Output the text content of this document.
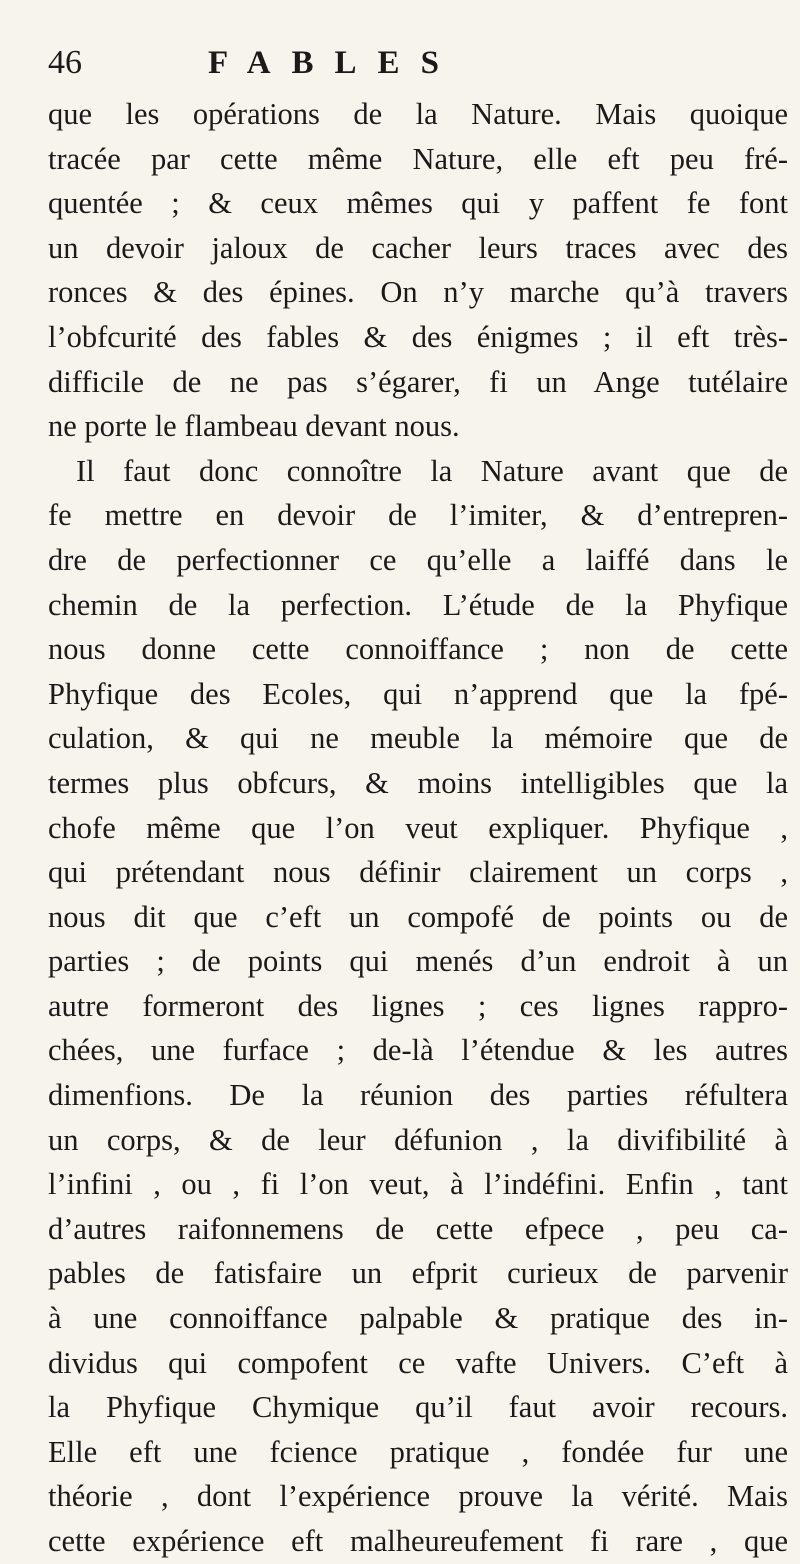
46	FABLES
que les opérations de la Nature. Mais quoique
tracée par cette même Nature, elle eft peu fré-
quentée ; & ceux mêmes qui y paffent fe font
un devoir jaloux de cacher leurs traces avec des
ronces & des épines. On n’y marche qu’à travers
l’obfcurité des fables & des énigmes ; il eft très-
difficile de ne pas s’égarer, fi un Ange tutélaire
ne porte le flambeau devant nous.
Il faut donc connoître la Nature avant que de
fe mettre en devoir de l’imiter, & d’entrepren-
dre de perfectionner ce qu’elle a laiffé dans le
chemin de la perfection. L’étude de la Phyfique
nous donne cette connoiffance ; non de cette
Phyfique des Ecoles, qui n’apprend que la fpé-
culation, & qui ne meuble la mémoire que de
termes plus obfcurs, & moins intelligibles que la
chofe même que l’on veut expliquer. Phyfique ,
qui prétendant nous définir clairement un corps ,
nous dit que c’eft un compofé de points ou de
parties ; de points qui menés d’un endroit à un
autre formeront des lignes ; ces lignes rappro-
chées, une furface ; de-là l’étendue & les autres
dimenfions. De la réunion des parties réfultera
un corps, & de leur défunion , la divifibilité à
l’infini , ou , fi l’on veut, à l’indéfini. Enfin , tant
d’autres raifonnemens de cette efpece , peu ca-
pables de fatisfaire un efprit curieux de parvenir
à une connoiffance palpable & pratique des in-
dividus qui compofent ce vafte Univers. C’eft à
la Phyfique Chymique qu’il faut avoir recours.
Elle eft une fcience pratique , fondée fur une
théorie , dont l’expérience prouve la vérité. Mais
cette expérience eft malheureufement fi rare , que
